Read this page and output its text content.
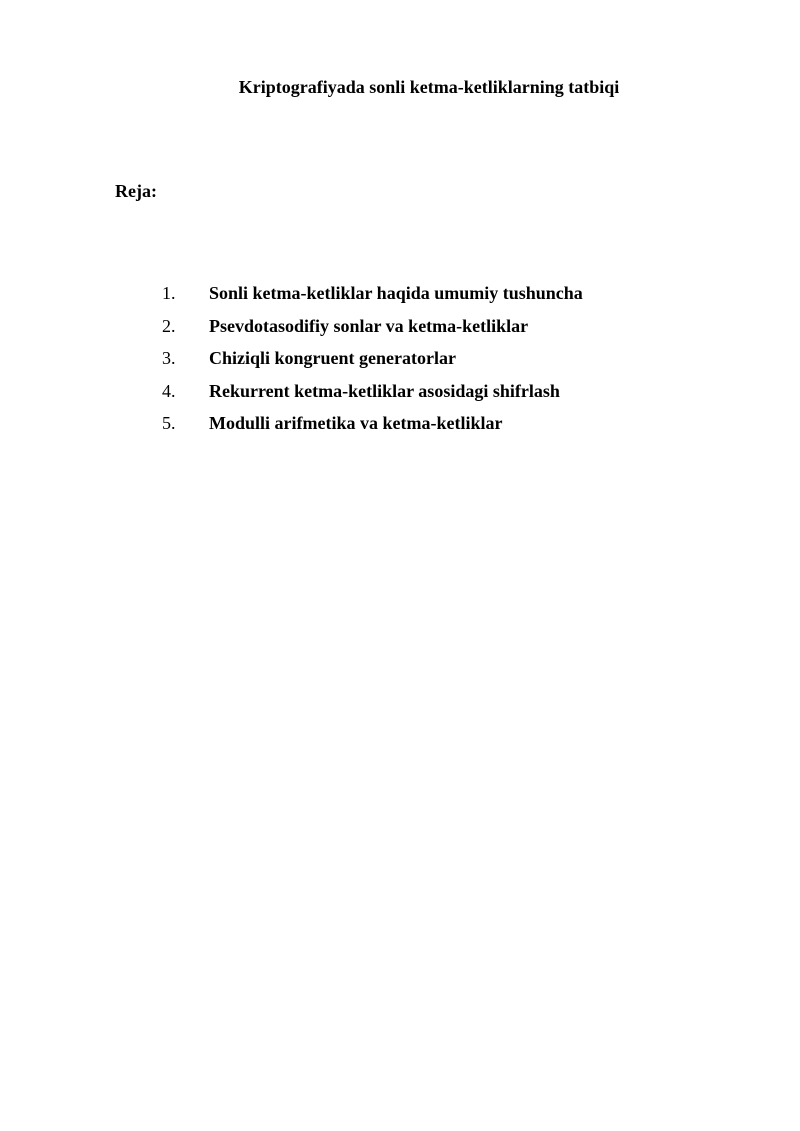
Kriptografiyada sonli ketma-ketliklarning tatbiqi

Reja:

1. Sonli ketma-ketliklar haqida umumiy tushuncha
2. Psevdotasodifiy sonlar va ketma-ketliklar
3. Chiziqli kongruent generatorlar
4. Rekurrent ketma-ketliklar asosidagi shifrlash
5. Modulli arifmetika va ketma-ketliklar
